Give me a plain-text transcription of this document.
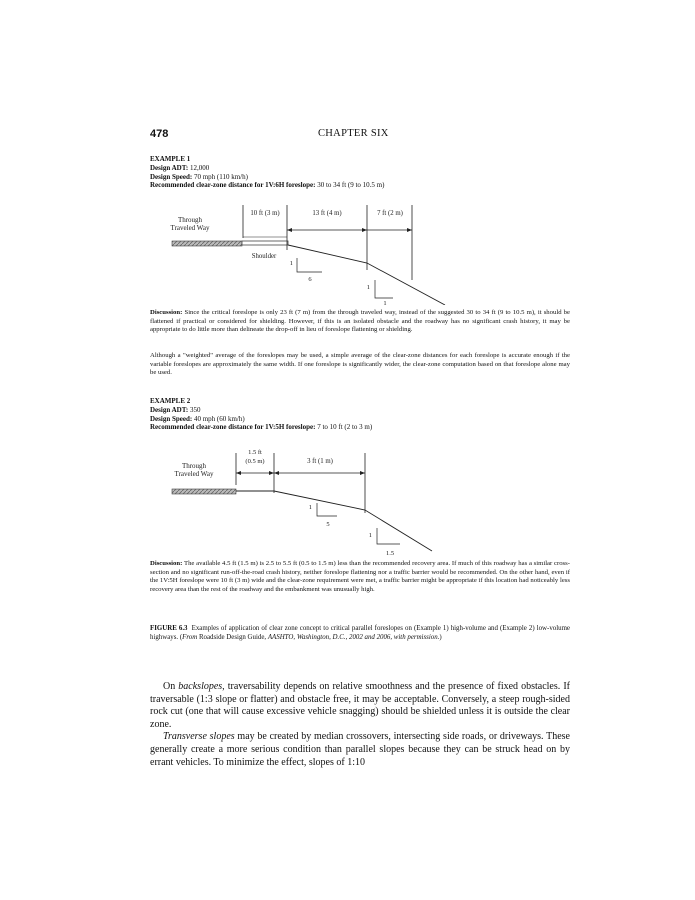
478	CHAPTER SIX
EXAMPLE 1
Design ADT: 12,000
Design Speed: 70 mph (110 km/h)
Recommended clear-zone distance for 1V:6H foreslope: 30 to 34 ft (9 to 10.5 m)
Through
Traveled Way
10 ft (3 m)	13 ft (4 m)	7 ft (2 m)
Shoulder
1
6
1
1
Discussion: Since the critical foreslope is only 23 ft (7 m) from the through traveled way, instead of the suggested 30 to 34 ft (9 to 10.5 m), it should be flattened if practical or considered for shielding. However, if this is an isolated obstacle and the roadway has no significant crash history, it may be appropriate to do little more than delineate the drop-off in lieu of foreslope flattening or shielding.
Although a "weighted" average of the foreslopes may be used, a simple average of the clear-zone distances for each foreslope is accurate enough if the variable foreslopes are approximately the same width. If one foreslope is significantly wider, the clear-zone computation based on that foreslope alone may be used.
EXAMPLE 2
Design ADT: 350
Design Speed: 40 mph (60 km/h)
Recommended clear-zone distance for 1V:5H foreslope: 7 to 10 ft (2 to 3 m)
Through
Traveled Way
1.5 ft
(0.5 m)	3 ft (1 m)
1
5
1
1.5
Discussion: The available 4.5 ft (1.5 m) is 2.5 to 5.5 ft (0.5 to 1.5 m) less than the recommended recovery area. If much of this roadway has a similar cross-section and no significant run-off-the-road crash history, neither foreslope flattening nor a traffic barrier would be recommended. On the other hand, even if the 1V:5H foreslope were 10 ft (3 m) wide and the clear-zone requirement were met, a traffic barrier might be appropriate if this location had noticeably less recovery area than the rest of the roadway and the embankment was unusually high.
FIGURE 6.3 Examples of application of clear zone concept to critical parallel foreslopes on (Example 1) high-volume and (Example 2) low-volume highways. (From Roadside Design Guide, AASHTO, Washington, D.C., 2002 and 2006, with permission.)

On backslopes, traversability depends on relative smoothness and the presence of fixed obstacles. If traversable (1:3 slope or flatter) and obstacle free, it may be acceptable. Conversely, a steep rough-sided rock cut (one that will cause excessive vehicle snagging) should be shielded unless it is outside the clear zone.

Transverse slopes may be created by median crossovers, intersecting side roads, or driveways. These generally create a more serious condition than parallel slopes because they can be struck head on by errant vehicles. To minimize the effect, slopes of 1:10
